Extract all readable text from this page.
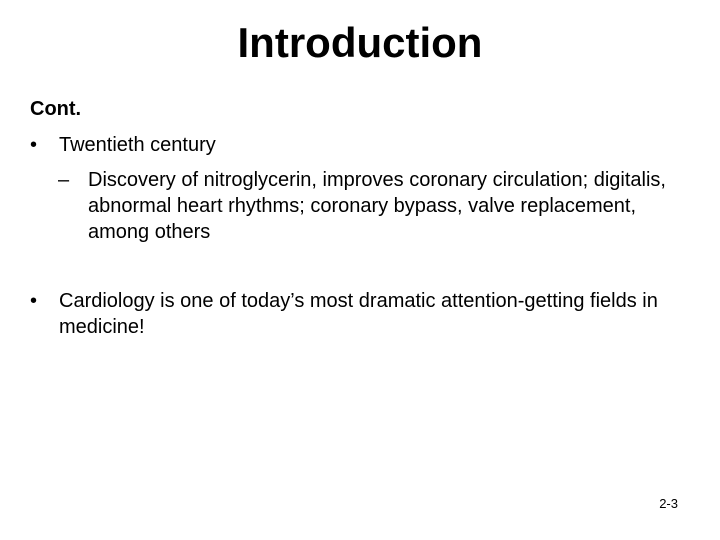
Introduction
Cont.
• Twentieth century
– Discovery of nitroglycerin, improves coronary circulation; digitalis, abnormal heart rhythms; coronary bypass, valve replacement, among others
• Cardiology is one of today’s most dramatic attention-getting fields in medicine!
2-3
